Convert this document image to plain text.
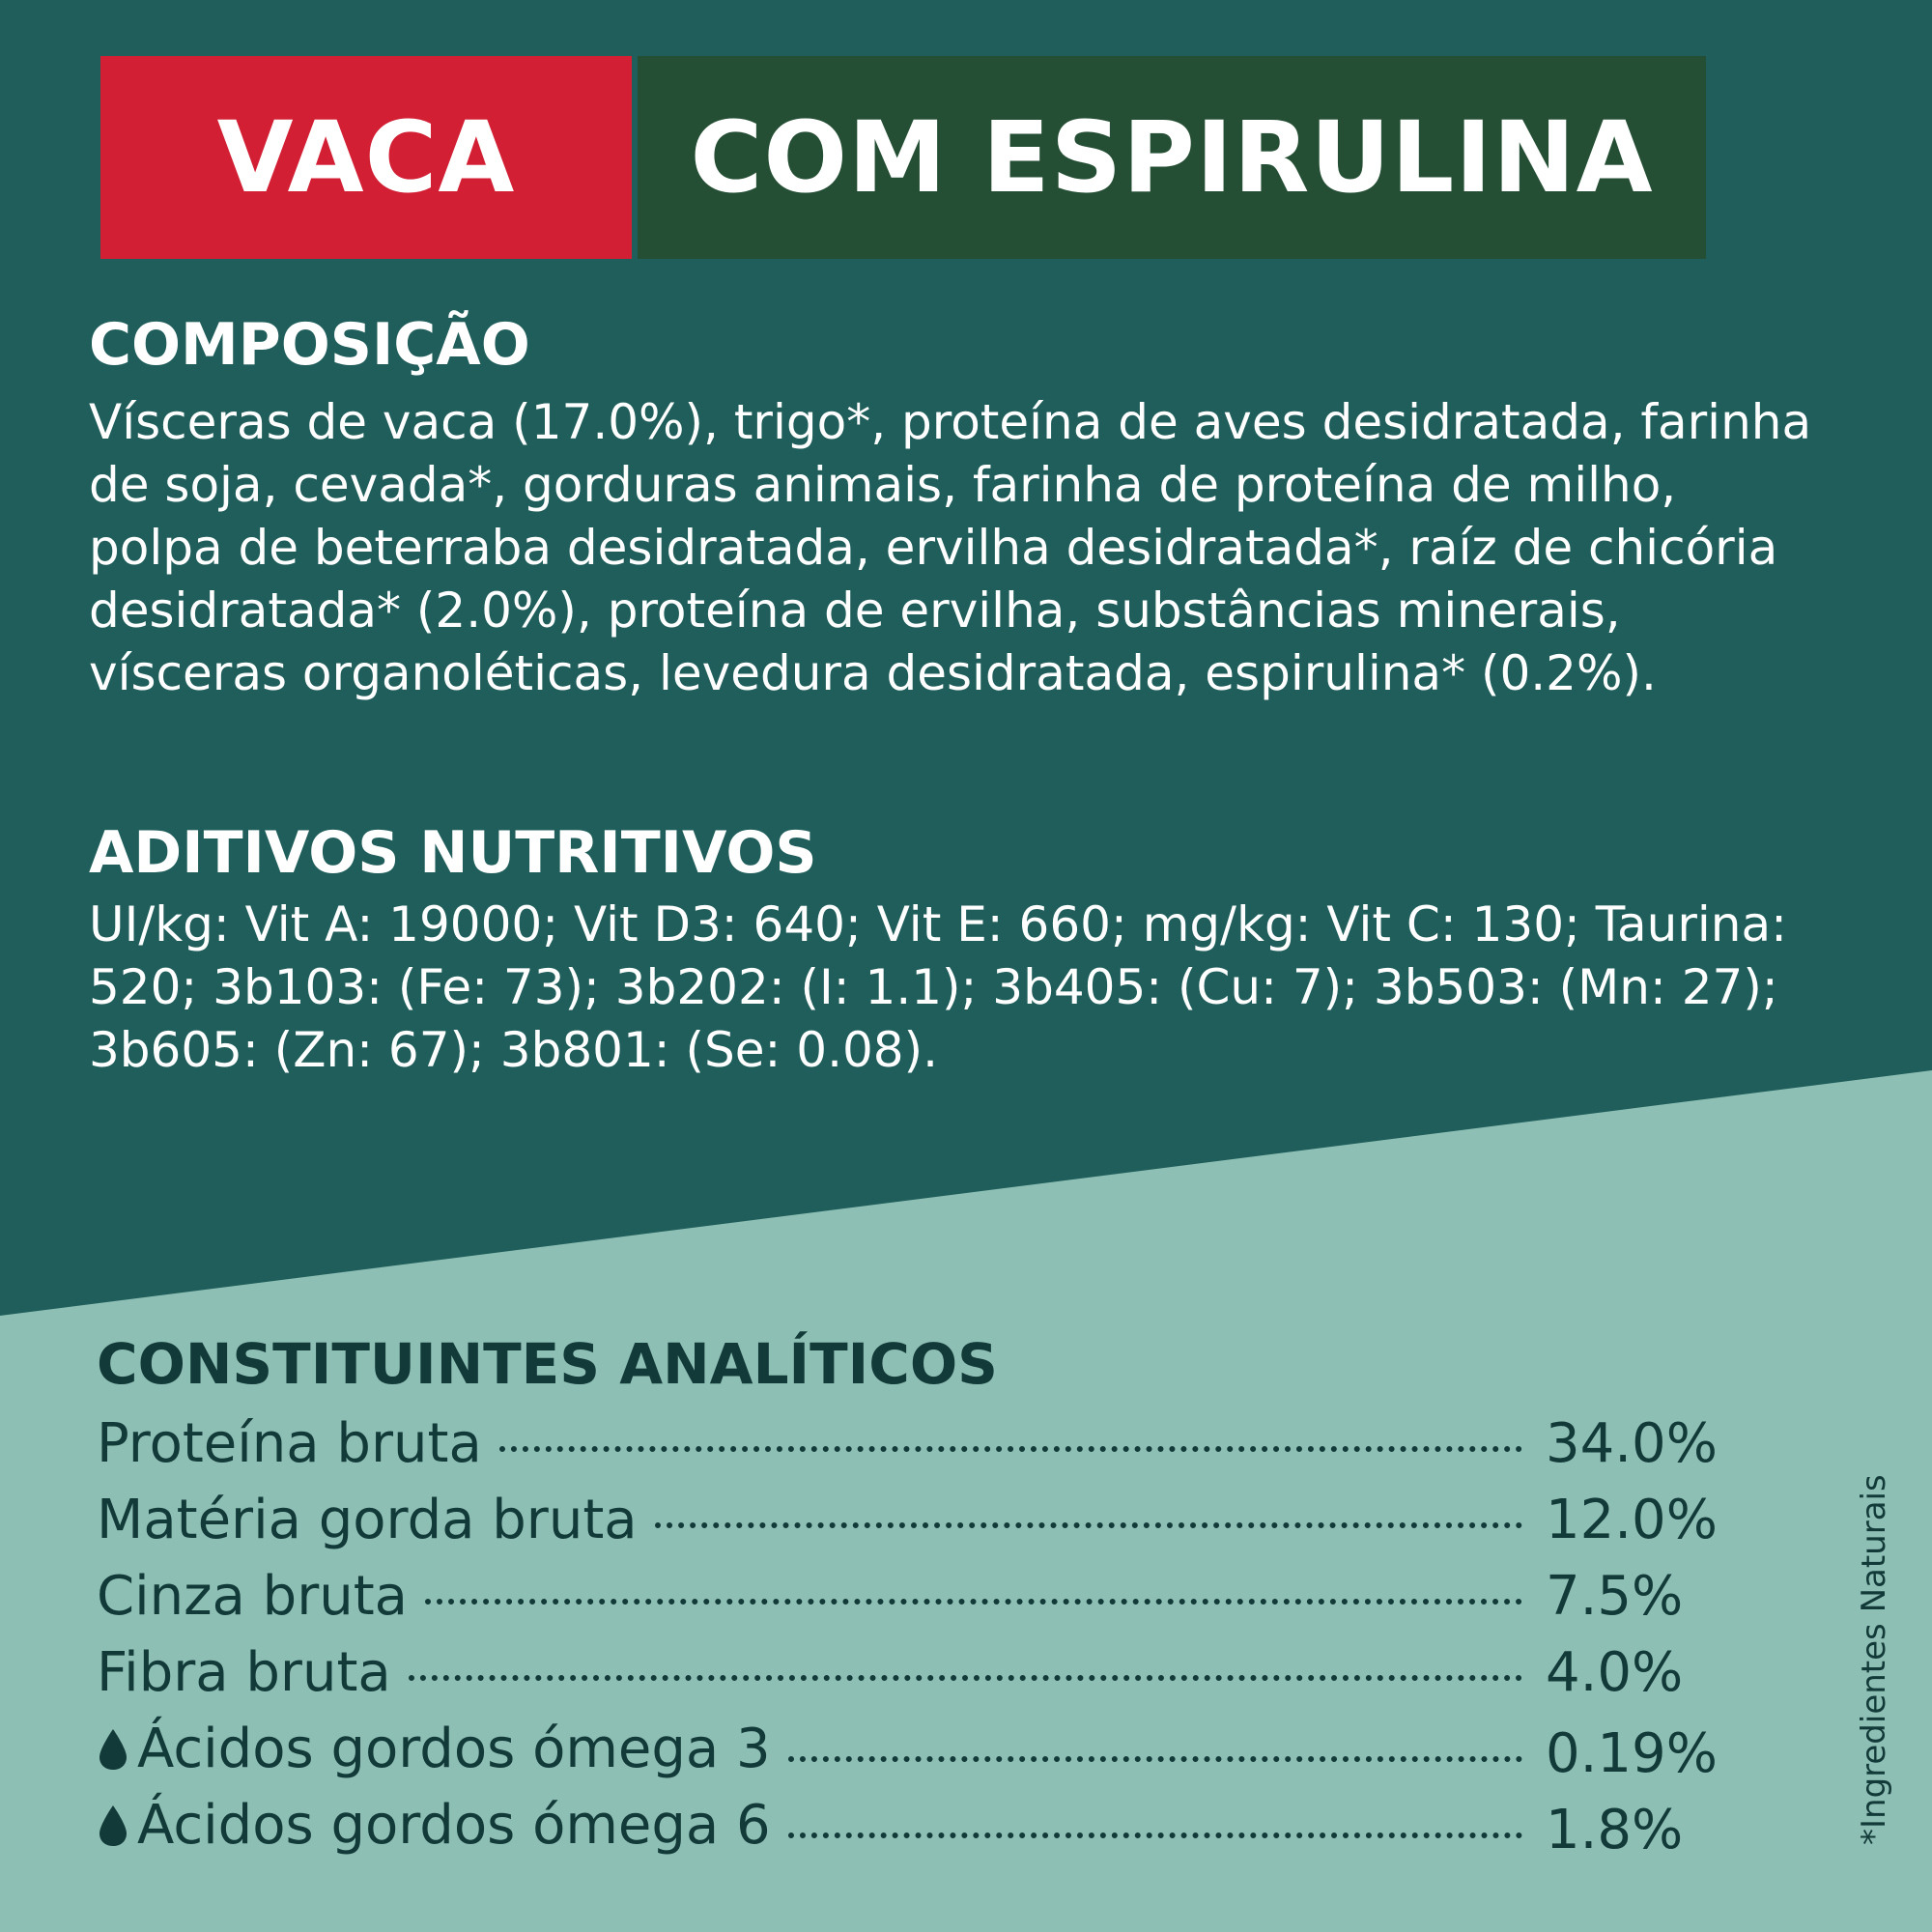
VACA	COM ESPIRULINA
COMPOSIÇÃO

Vísceras de vaca (17.0%), trigo*, proteína de aves desidratada, farinha de soja, cevada*, gorduras animais, farinha de proteína de milho, polpa de beterraba desidratada, ervilha desidratada*, raíz de chicória desidratada* (2.0%), proteína de ervilha, substâncias minerais, vísceras organoléticas, levedura desidratada, espirulina* (0.2%).

ADITIVOS NUTRITIVOS

UI/kg: Vit A: 19000; Vit D3: 640; Vit E: 660; mg/kg: Vit C: 130; Taurina: 520; 3b103: (Fe: 73); 3b202: (I: 1.1); 3b405: (Cu: 7); 3b503: (Mn: 27); 3b605: (Zn: 67); 3b801: (Se: 0.08).

CONSTITUINTES ANALÍTICOS
Proteína bruta	34.0%
Matéria gorda bruta	12.0%
Cinza bruta	7.5%
Fibra bruta	4.0%
Ácidos gordos ómega 3	0.19%
Ácidos gordos ómega 6	1.8%	*Ingredientes Naturais
